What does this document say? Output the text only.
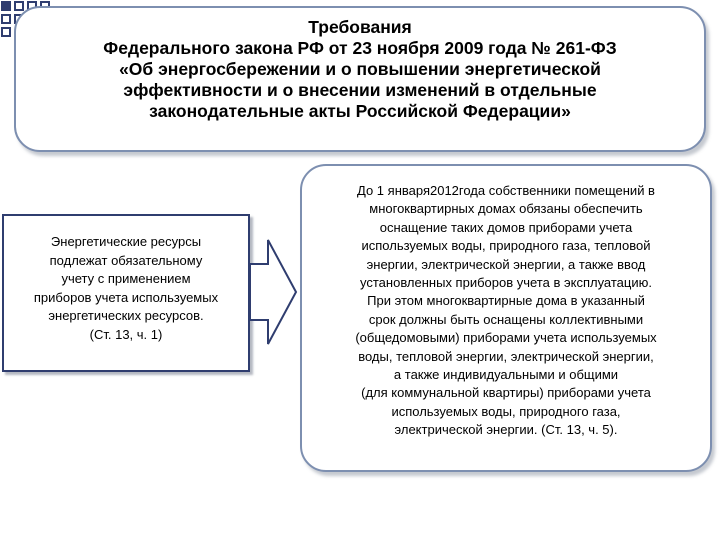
Требования
Федерального закона РФ от 23 ноября 2009 года № 261-ФЗ
«Об энергосбережении и о повышении энергетической
эффективности и о внесении изменений в отдельные
законодательные акты Российской Федерации»
Энергетические ресурсы
подлежат обязательному
учету с применением
приборов учета используемых
энергетических ресурсов.
(Ст. 13, ч. 1)
До 1 января2012года собственники помещений в
многоквартирных домах обязаны обеспечить
оснащение таких домов приборами учета
используемых воды, природного газа, тепловой
энергии, электрической энергии, а также ввод
установленных приборов учета в эксплуатацию.
При этом многоквартирные дома в указанный
срок должны быть оснащены коллективными
(общедомовыми) приборами учета используемых
воды, тепловой энергии, электрической энергии,
а также индивидуальными и общими
(для коммунальной квартиры) приборами учета
используемых воды, природного газа,
электрической энергии. (Ст. 13, ч. 5).
